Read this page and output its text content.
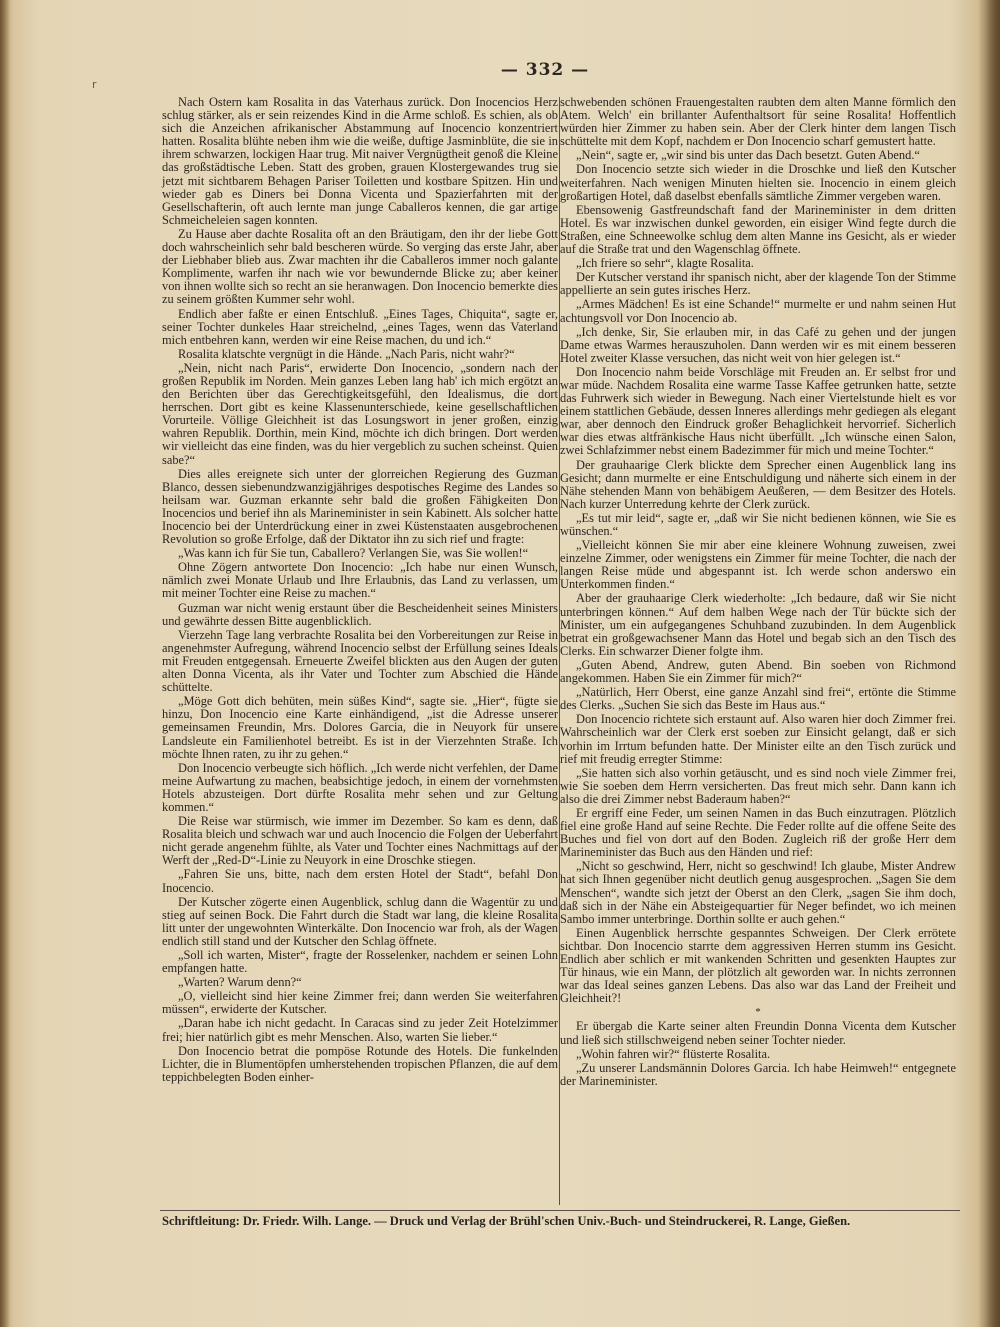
r
— 332 —

Nach Ostern kam Rosalita in das Vaterhaus zurück. Don Inocencios Herz schlug stärker, als er sein reizendes Kind in die Arme schloß. Es schien, als ob sich die Anzeichen afrikanischer Abstammung auf Inocencio konzentriert hatten. Rosalita blühte neben ihm wie die weiße, duftige Jasminblüte, die sie in ihrem schwarzen, lockigen Haar trug. Mit naiver Vergnügtheit genoß die Kleine das großstädtische Leben. Statt des groben, grauen Klostergewandes trug sie jetzt mit sichtbarem Behagen Pariser Toiletten und kostbare Spitzen. Hin und wieder gab es Diners bei Donna Vicenta und Spazierfahrten mit der Gesellschafterin, oft auch lernte man junge Caballeros kennen, die gar artige Schmeicheleien sagen konnten.

Zu Hause aber dachte Rosalita oft an den Bräutigam, den ihr der liebe Gott doch wahrscheinlich sehr bald bescheren würde. So verging das erste Jahr, aber der Liebhaber blieb aus. Zwar machten ihr die Caballeros immer noch galante Komplimente, warfen ihr nach wie vor bewundernde Blicke zu; aber keiner von ihnen wollte sich so recht an sie heranwagen. Don Inocencio bemerkte dies zu seinem größten Kummer sehr wohl.

Endlich aber faßte er einen Entschluß. „Eines Tages, Chiquita“, sagte er, seiner Tochter dunkeles Haar streichelnd, „eines Tages, wenn das Vaterland mich entbehren kann, werden wir eine Reise machen, du und ich.“

Rosalita klatschte vergnügt in die Hände. „Nach Paris, nicht wahr?“

„Nein, nicht nach Paris“, erwiderte Don Inocencio, „sondern nach der großen Republik im Norden. Mein ganzes Leben lang hab' ich mich ergötzt an den Berichten über das Gerechtigkeitsgefühl, den Idealismus, die dort herrschen. Dort gibt es keine Klassenunterschiede, keine gesellschaftlichen Vorurteile. Völlige Gleichheit ist das Losungswort in jener großen, einzig wahren Republik. Dorthin, mein Kind, möchte ich dich bringen. Dort werden wir vielleicht das eine finden, was du hier vergeblich zu suchen scheinst. Quien sabe?“

Dies alles ereignete sich unter der glorreichen Regierung des Guzman Blanco, dessen siebenundzwanzigjähriges despotisches Regime des Landes so heilsam war. Guzman erkannte sehr bald die großen Fähigkeiten Don Inocencios und berief ihn als Marineminister in sein Kabinett. Als solcher hatte Inocencio bei der Unterdrückung einer in zwei Küstenstaaten ausgebrochenen Revolution so große Erfolge, daß der Diktator ihn zu sich rief und fragte:

„Was kann ich für Sie tun, Caballero? Verlangen Sie, was Sie wollen!“

Ohne Zögern antwortete Don Inocencio: „Ich habe nur einen Wunsch, nämlich zwei Monate Urlaub und Ihre Erlaubnis, das Land zu verlassen, um mit meiner Tochter eine Reise zu machen.“

Guzman war nicht wenig erstaunt über die Bescheidenheit seines Ministers und gewährte dessen Bitte augenblicklich.

Vierzehn Tage lang verbrachte Rosalita bei den Vorbereitungen zur Reise in angenehmster Aufregung, während Inocencio selbst der Erfüllung seines Ideals mit Freuden entgegensah. Erneuerte Zweifel blickten aus den Augen der guten alten Donna Vicenta, als ihr Vater und Tochter zum Abschied die Hände schüttelte.

„Möge Gott dich behüten, mein süßes Kind“, sagte sie. „Hier“, fügte sie hinzu, Don Inocencio eine Karte einhändigend, „ist die Adresse unserer gemeinsamen Freundin, Mrs. Dolores Garcia, die in Neuyork für unsere Landsleute ein Familienhotel betreibt. Es ist in der Vierzehnten Straße. Ich möchte Ihnen raten, zu ihr zu gehen.“

Don Inocencio verbeugte sich höflich. „Ich werde nicht verfehlen, der Dame meine Aufwartung zu machen, beabsichtige jedoch, in einem der vornehmsten Hotels abzusteigen. Dort dürfte Rosalita mehr sehen und zur Geltung kommen.“

Die Reise war stürmisch, wie immer im Dezember. So kam es denn, daß Rosalita bleich und schwach war und auch Inocencio die Folgen der Ueberfahrt nicht gerade angenehm fühlte, als Vater und Tochter eines Nachmittags auf der Werft der „Red-D“-Linie zu Neuyork in eine Droschke stiegen.

„Fahren Sie uns, bitte, nach dem ersten Hotel der Stadt“, befahl Don Inocencio.

Der Kutscher zögerte einen Augenblick, schlug dann die Wagentür zu und stieg auf seinen Bock. Die Fahrt durch die Stadt war lang, die kleine Rosalita litt unter der ungewohnten Winterkälte. Don Inocencio war froh, als der Wagen endlich still stand und der Kutscher den Schlag öffnete.

„Soll ich warten, Mister“, fragte der Rosselenker, nachdem er seinen Lohn empfangen hatte.

„Warten? Warum denn?“

„O, vielleicht sind hier keine Zimmer frei; dann werden Sie weiterfahren müssen“, erwiderte der Kutscher.

„Daran habe ich nicht gedacht. In Caracas sind zu jeder Zeit Hotelzimmer frei; hier natürlich gibt es mehr Menschen. Also, warten Sie lieber.“

Don Inocencio betrat die pompöse Rotunde des Hotels. Die funkelnden Lichter, die in Blumentöpfen umherstehenden tropischen Pflanzen, die auf dem teppichbelegten Boden einher-

schwebenden schönen Frauengestalten raubten dem alten Manne förmlich den Atem. Welch' ein brillanter Aufenthaltsort für seine Rosalita! Hoffentlich würden hier Zimmer zu haben sein. Aber der Clerk hinter dem langen Tisch schüttelte mit dem Kopf, nachdem er Don Inocencio scharf gemustert hatte.

„Nein“, sagte er, „wir sind bis unter das Dach besetzt. Guten Abend.“

Don Inocencio setzte sich wieder in die Droschke und ließ den Kutscher weiterfahren. Nach wenigen Minuten hielten sie. Inocencio in einem gleich großartigen Hotel, daß daselbst ebenfalls sämtliche Zimmer vergeben waren.

Ebensowenig Gastfreundschaft fand der Marineminister in dem dritten Hotel. Es war inzwischen dunkel geworden, ein eisiger Wind fegte durch die Straßen, eine Schneewolke schlug dem alten Manne ins Gesicht, als er wieder auf die Straße trat und den Wagenschlag öffnete.

„Ich friere so sehr“, klagte Rosalita.

Der Kutscher verstand ihr spanisch nicht, aber der klagende Ton der Stimme appellierte an sein gutes irisches Herz.

„Armes Mädchen! Es ist eine Schande!“ murmelte er und nahm seinen Hut achtungsvoll vor Don Inocencio ab.

„Ich denke, Sir, Sie erlauben mir, in das Café zu gehen und der jungen Dame etwas Warmes herauszuholen. Dann werden wir es mit einem besseren Hotel zweiter Klasse versuchen, das nicht weit von hier gelegen ist.“

Don Inocencio nahm beide Vorschläge mit Freuden an. Er selbst fror und war müde. Nachdem Rosalita eine warme Tasse Kaffee getrunken hatte, setzte das Fuhrwerk sich wieder in Bewegung. Nach einer Viertelstunde hielt es vor einem stattlichen Gebäude, dessen Inneres allerdings mehr gediegen als elegant war, aber dennoch den Eindruck großer Behaglichkeit hervorrief. Sicherlich war dies etwas altfränkische Haus nicht überfüllt. „Ich wünsche einen Salon, zwei Schlafzimmer nebst einem Badezimmer für mich und meine Tochter.“

Der grauhaarige Clerk blickte dem Sprecher einen Augenblick lang ins Gesicht; dann murmelte er eine Entschuldigung und näherte sich einem in der Nähe stehenden Mann von behäbigem Aeußeren, — dem Besitzer des Hotels. Nach kurzer Unterredung kehrte der Clerk zurück.

„Es tut mir leid“, sagte er, „daß wir Sie nicht bedienen können, wie Sie es wünschen.“

„Vielleicht können Sie mir aber eine kleinere Wohnung zuweisen, zwei einzelne Zimmer, oder wenigstens ein Zimmer für meine Tochter, die nach der langen Reise müde und abgespannt ist. Ich werde schon anderswo ein Unterkommen finden.“

Aber der grauhaarige Clerk wiederholte: „Ich bedaure, daß wir Sie nicht unterbringen können.“ Auf dem halben Wege nach der Tür bückte sich der Minister, um ein aufgegangenes Schuhband zuzubinden. In dem Augenblick betrat ein großgewachsener Mann das Hotel und begab sich an den Tisch des Clerks. Ein schwarzer Diener folgte ihm.

„Guten Abend, Andrew, guten Abend. Bin soeben von Richmond angekommen. Haben Sie ein Zimmer für mich?“

„Natürlich, Herr Oberst, eine ganze Anzahl sind frei“, ertönte die Stimme des Clerks. „Suchen Sie sich das Beste im Haus aus.“

Don Inocencio richtete sich erstaunt auf. Also waren hier doch Zimmer frei. Wahrscheinlich war der Clerk erst soeben zur Einsicht gelangt, daß er sich vorhin im Irrtum befunden hatte. Der Minister eilte an den Tisch zurück und rief mit freudig erregter Stimme:

„Sie hatten sich also vorhin getäuscht, und es sind noch viele Zimmer frei, wie Sie soeben dem Herrn versicherten. Das freut mich sehr. Dann kann ich also die drei Zimmer nebst Baderaum haben?“

Er ergriff eine Feder, um seinen Namen in das Buch einzutragen. Plötzlich fiel eine große Hand auf seine Rechte. Die Feder rollte auf die offene Seite des Buches und fiel von dort auf den Boden. Zugleich riß der große Herr dem Marineminister das Buch aus den Händen und rief:

„Nicht so geschwind, Herr, nicht so geschwind! Ich glaube, Mister Andrew hat sich Ihnen gegenüber nicht deutlich genug ausgesprochen. „Sagen Sie dem Menschen“, wandte sich jetzt der Oberst an den Clerk, „sagen Sie ihm doch, daß sich in der Nähe ein Absteigequartier für Neger befindet, wo ich meinen Sambo immer unterbringe. Dorthin sollte er auch gehen.“

Einen Augenblick herrschte gespanntes Schweigen. Der Clerk errötete sichtbar. Don Inocencio starrte dem aggressiven Herren stumm ins Gesicht. Endlich aber schlich er mit wankenden Schritten und gesenkten Hauptes zur Tür hinaus, wie ein Mann, der plötzlich alt geworden war. In nichts zerronnen war das Ideal seines ganzen Lebens. Das also war das Land der Freiheit und Gleichheit?!

*

Er übergab die Karte seiner alten Freundin Donna Vicenta dem Kutscher und ließ sich stillschweigend neben seiner Tochter nieder.

„Wohin fahren wir?“ flüsterte Rosalita.

„Zu unserer Landsmännin Dolores Garcia. Ich habe Heimweh!“ entgegnete der Marineminister.

Schriftleitung: Dr. Friedr. Wilh. Lange. — Druck und Verlag der Brühl'schen Univ.-Buch- und Steindruckerei, R. Lange, Gießen.
